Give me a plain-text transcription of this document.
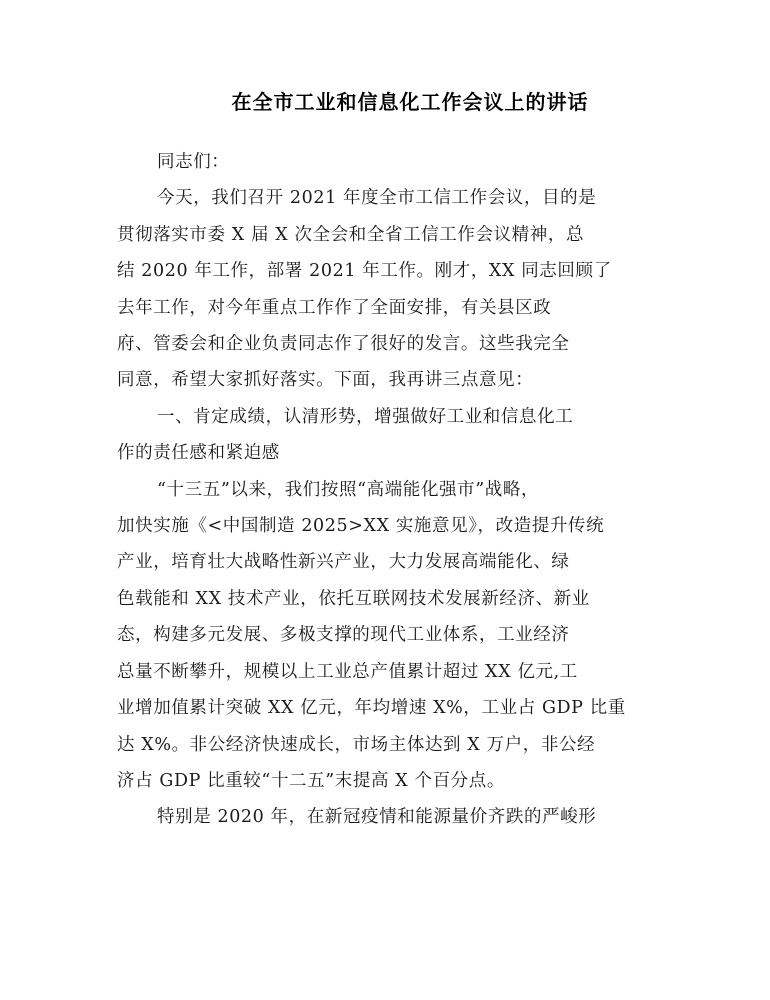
在全市工业和信息化工作会议上的讲话

同志们：

今天，我们召开 2021 年度全市工信工作会议，目的是
贯彻落实市委 X 届 X 次全会和全省工信工作会议精神，总
结 2020 年工作，部署 2021 年工作。刚才，XX 同志回顾了
去年工作，对今年重点工作作了全面安排，有关县区政
府、管委会和企业负责同志作了很好的发言。这些我完全
同意，希望大家抓好落实。下面，我再讲三点意见：

一、肯定成绩，认清形势，增强做好工业和信息化工
作的责任感和紧迫感

“十三五”以来，我们按照“高端能化强市”战略，
加快实施《<中国制造 2025>XX 实施意见》，改造提升传统
产业，培育壮大战略性新兴产业，大力发展高端能化、绿
色载能和 XX 技术产业，依托互联网技术发展新经济、新业
态，构建多元发展、多极支撑的现代工业体系，工业经济
总量不断攀升，规模以上工业总产值累计超过 XX 亿元,工
业增加值累计突破 XX 亿元，年均增速 X%，工业占 GDP 比重
达 X%。非公经济快速成长，市场主体达到 X 万户，非公经
济占 GDP 比重较“十二五”末提高 X 个百分点。

特别是 2020 年，在新冠疫情和能源量价齐跌的严峻形
